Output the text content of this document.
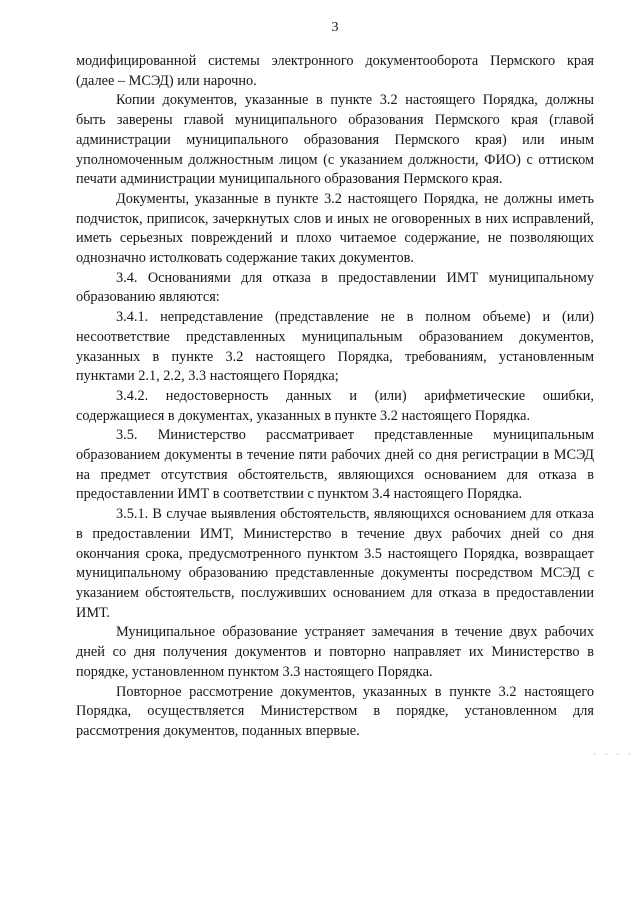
3

модифицированной системы электронного документооборота Пермского края (далее – МСЭД) или нарочно.

Копии документов, указанные в пункте 3.2 настоящего Порядка, должны быть заверены главой муниципального образования Пермского края (главой администрации муниципального образования Пермского края) или иным уполномоченным должностным лицом (с указанием должности, ФИО) с оттиском печати администрации муниципального образования Пермского края.

Документы, указанные в пункте 3.2 настоящего Порядка, не должны иметь подчисток, приписок, зачеркнутых слов и иных не оговоренных в них исправлений, иметь серьезных повреждений и плохо читаемое содержание, не позволяющих однозначно истолковать содержание таких документов.

3.4. Основаниями для отказа в предоставлении ИМТ муниципальному образованию являются:

3.4.1. непредставление (представление не в полном объеме) и (или) несоответствие представленных муниципальным образованием документов, указанных в пункте 3.2 настоящего Порядка, требованиям, установленным пунктами 2.1, 2.2, 3.3 настоящего Порядка;

3.4.2. недостоверность данных и (или) арифметические ошибки, содержащиеся в документах, указанных в пункте 3.2 настоящего Порядка.

3.5. Министерство рассматривает представленные муниципальным образованием документы в течение пяти рабочих дней со дня регистрации в МСЭД на предмет отсутствия обстоятельств, являющихся основанием для отказа в предоставлении ИМТ в соответствии с пунктом 3.4 настоящего Порядка.

3.5.1. В случае выявления обстоятельств, являющихся основанием для отказа в предоставлении ИМТ, Министерство в течение двух рабочих дней со дня окончания срока, предусмотренного пунктом 3.5 настоящего Порядка, возвращает муниципальному образованию представленные документы посредством МСЭД с указанием обстоятельств, послуживших основанием для отказа в предоставлении ИМТ.

Муниципальное образование устраняет замечания в течение двух рабочих дней со дня получения документов и повторно направляет их Министерство в порядке, установленном пунктом 3.3 настоящего Порядка.

Повторное рассмотрение документов, указанных в пункте 3.2 настоящего Порядка, осуществляется Министерством в порядке, установленном для рассмотрения документов, поданных впервые.

· · · ·
